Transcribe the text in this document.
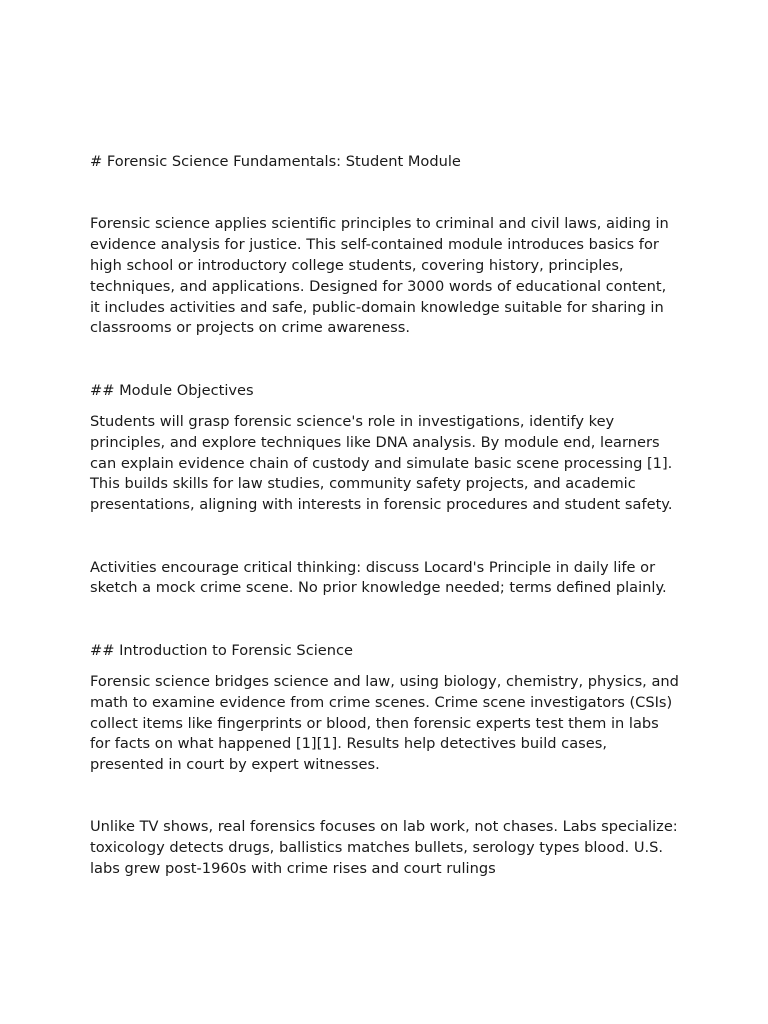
# Forensic Science Fundamentals: Student Module

Forensic science applies scientific principles to criminal and civil laws, aiding in evidence analysis for justice. This self-contained module introduces basics for high school or introductory college students, covering history, principles, techniques, and applications. Designed for 3000 words of educational content, it includes activities and safe, public-domain knowledge suitable for sharing in classrooms or projects on crime awareness.

## Module Objectives

Students will grasp forensic science's role in investigations, identify key principles, and explore techniques like DNA analysis. By module end, learners can explain evidence chain of custody and simulate basic scene processing [1]. This builds skills for law studies, community safety projects, and academic presentations, aligning with interests in forensic procedures and student safety.

Activities encourage critical thinking: discuss Locard's Principle in daily life or sketch a mock crime scene. No prior knowledge needed; terms defined plainly.

## Introduction to Forensic Science

Forensic science bridges science and law, using biology, chemistry, physics, and math to examine evidence from crime scenes. Crime scene investigators (CSIs) collect items like fingerprints or blood, then forensic experts test them in labs for facts on what happened [1][1]. Results help detectives build cases, presented in court by expert witnesses.

Unlike TV shows, real forensics focuses on lab work, not chases. Labs specialize: toxicology detects drugs, ballistics matches bullets, serology types blood. U.S. labs grew post-1960s with crime rises and court rulings
